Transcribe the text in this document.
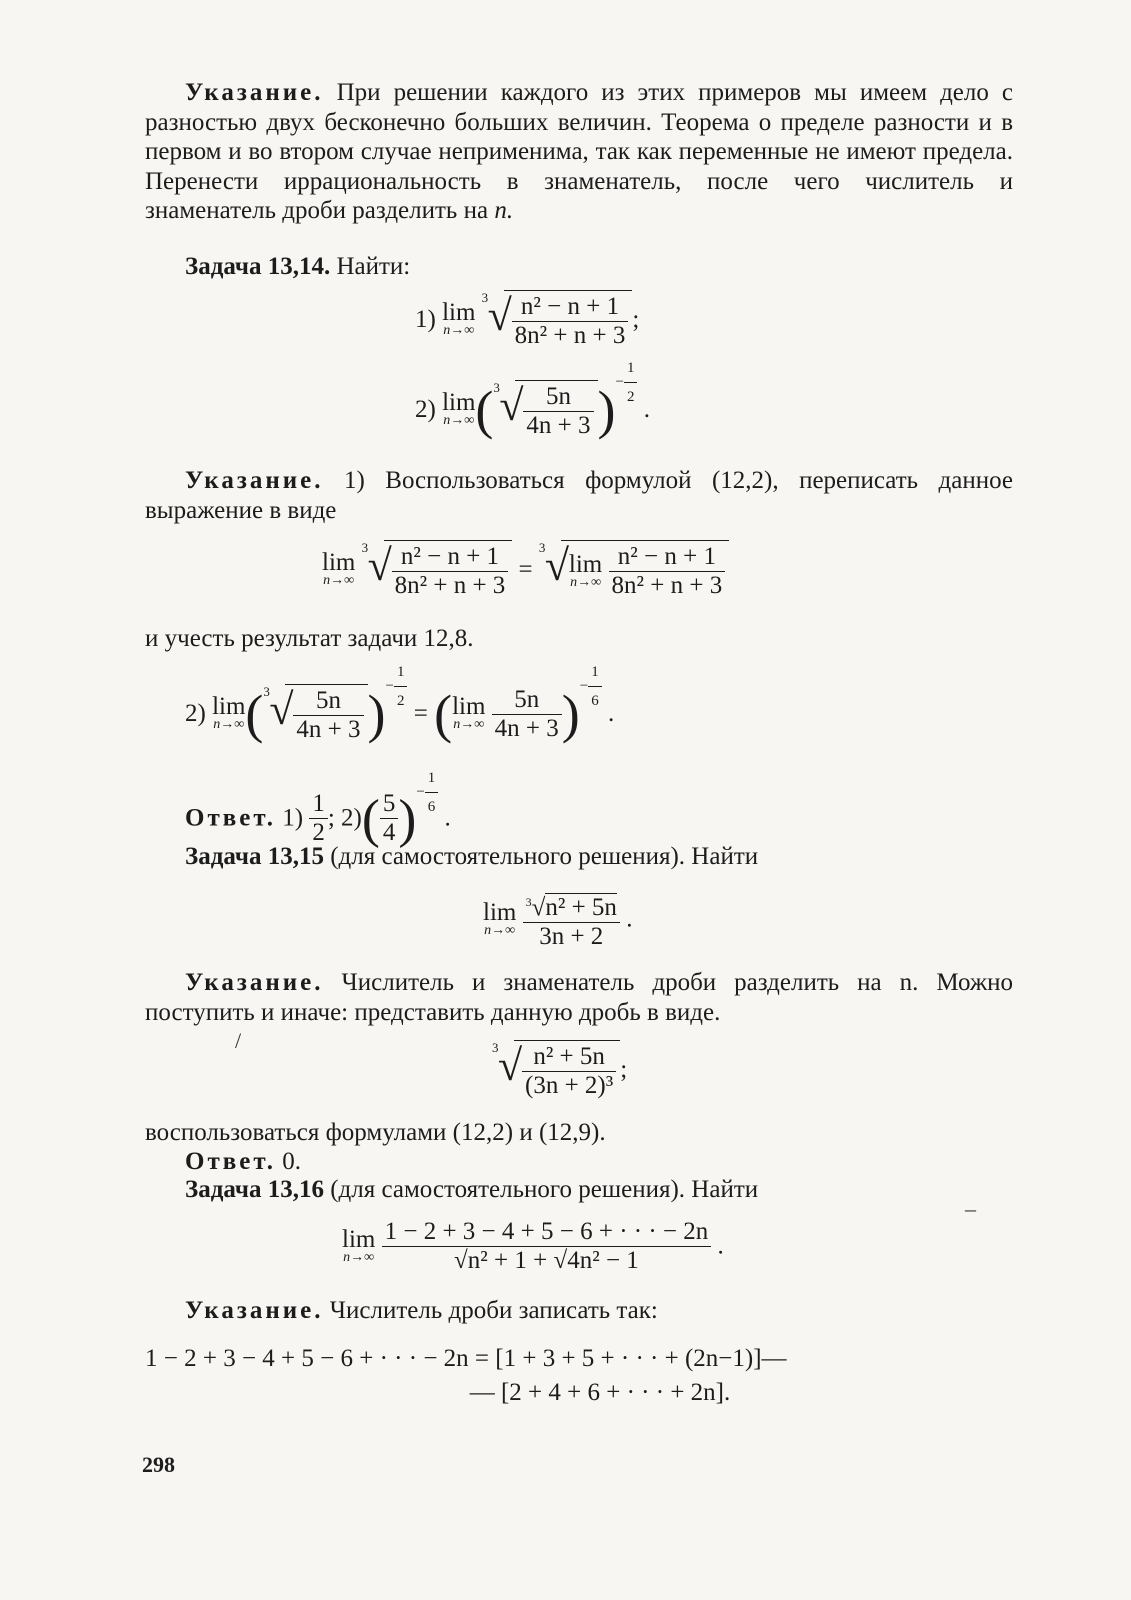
Указание. При решении каждого из этих примеров мы имеем дело с разностью двух бесконечно больших величин. Теорема о пределе разности и в первом и во втором случае неприменима, так как переменные не имеют предела. Перенести иррациональность в знаменатель, после чего числитель и знаменатель дроби разделить на n.
Задача 13,14. Найти:
1) lim
n→∞

3 √ $\frac{\text{n² − n + 1}}{\text{8n² + n + 3}}$ ;
2) lim
n→∞ ( 3 √ $\frac{5n}{4n + 3}$ )− $\frac{1}{2}$ .
Указание. 1) Воспользоваться формулой (12,2), переписать данное выражение в виде
lim
n→∞

3 √ $\frac{\text{n² − n + 1}}{\text{8n² + n + 3}}$ =
3 √ lim
n→∞
$\frac{\text{n² − n + 1}}{\text{8n² + n + 3}}$
и учесть результат задачи 12,8.
2) lim
n→∞ ( 3 √ $\frac{5n}{4n + 3}$ )− $\frac{1}{2} = (\lim$
n→∞
$\frac{5n}{4n + 3}$ )− $\frac{1}{6}$ .
Ответ. $1) \frac{1}{2}$ ; $2)( \frac{5}{4}$ )− $\frac{1}{6}$ .
Задача 13,15 (для самостоятельного решения). Найти
lim
n→∞
$\frac{^3√n^2 + 5n}{3n + 2}$ .
Указание. Числитель и знаменатель дроби разделить на n. Можно поступить и иначе: представить данную дробь в виде.
3 √ $\frac{\text{n² + 5n}}{\text{(3n + 2)³}}$ ;
воспользоваться формулами (12,2) и (12,9).
Ответ. 0.
Задача 13,16 (для самостоятельного решения). Найти
lim
n→∞
$\frac{1 - 2 + 3 - 4 + 5 - 6 + \cdot \cdot \cdot - 2n}{\text{√n² + 1 + √4n² − 1}}$ .
Указание. Числитель дроби записать так:
1 − 2 + 3 − 4 + 5 − 6 + · · · − 2n = [1 + 3 + 5 + · · · + (2n−1)]—
— [2 + 4 + 6 + · · · + 2n].
298
/
‒
